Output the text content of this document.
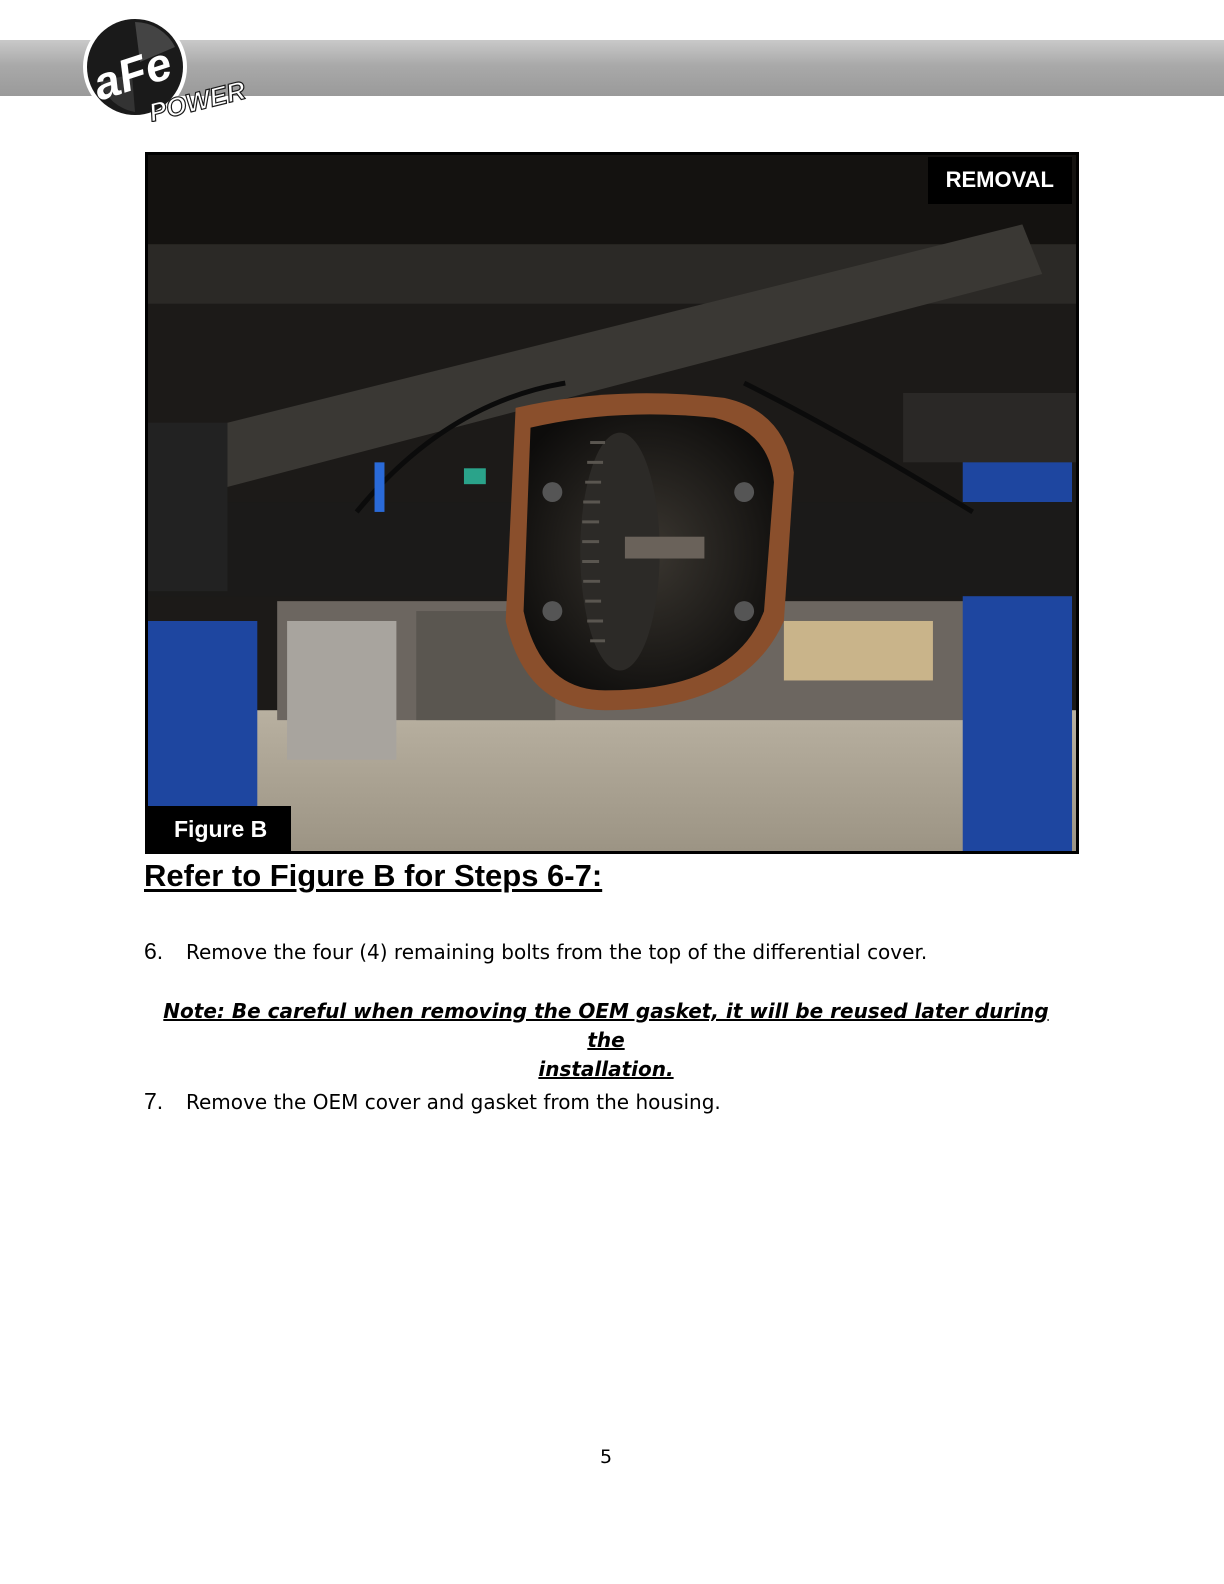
aFe
POWER
REMOVAL
Figure B
Refer to Figure B for Steps 6-7:
6. Remove the four (4) remaining bolts from the top of the differential cover.
Note: Be careful when removing the OEM gasket, it will be reused later during the
installation.
7. Remove the OEM cover and gasket from the housing.
5
